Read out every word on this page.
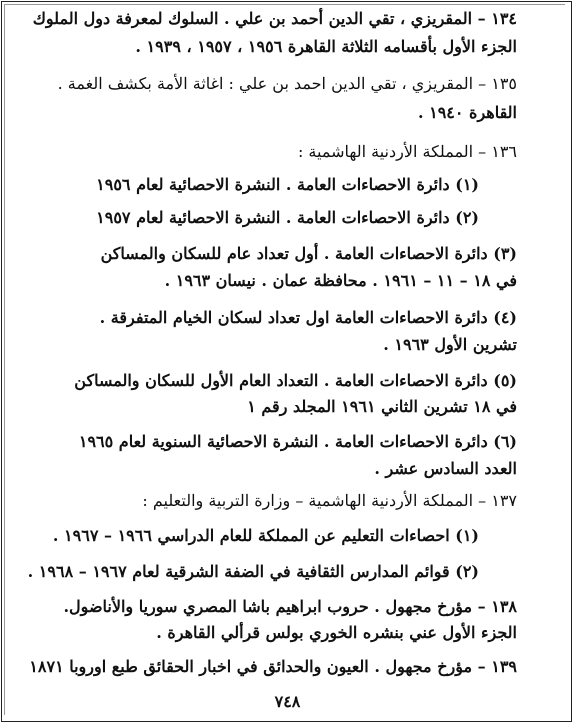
١٣٤ – المقريزي ، تقي الدين أحمد بن علي . السلوك لمعرفة دول الملوك
الجزء الأول بأقسامه الثلاثة القاهرة ١٩٥٦ ، ١٩٥٧ ، ١٩٣٩ .
١٣٥ – المقريزي ، تقي الدين احمد بن علي : اغاثة الأمة بكشف الغمة .
القاهرة ١٩٤٠ .
١٣٦ – المملكة الأردنية الهاشمية :
(١) دائرة الاحصاءات العامة . النشرة الاحصائية لعام ١٩٥٦
(٢) دائرة الاحصاءات العامة . النشرة الاحصائية لعام ١٩٥٧
(٣) دائرة الاحصاءات العامة . أول تعداد عام للسكان والمساكن
في ١٨ – ١١ – ١٩٦١ . محافظة عمان . نيسان ١٩٦٣ .
(٤) دائرة الاحصاءات العامة اول تعداد لسكان الخيام المتفرقة .
تشرين الأول ١٩٦٣ .
(٥) دائرة الاحصاءات العامة . التعداد العام الأول للسكان والمساكن
في ١٨ تشرين الثاني ١٩٦١ المجلد رقم ١
(٦) دائرة الاحصاءات العامة . النشرة الاحصائية السنوية لعام ١٩٦٥
العدد السادس عشر .
١٣٧ – المملكة الأردنية الهاشمية – وزارة التربية والتعليم :
(١) احصاءات التعليم عن المملكة للعام الدراسي ١٩٦٦ – ١٩٦٧ .
(٢) قوائم المدارس الثقافية في الضفة الشرقية لعام ١٩٦٧ – ١٩٦٨ .
١٣٨ – مؤرخ مجهول . حروب ابراهيم باشا المصري سوريا والأناضول.
الجزء الأول عني بنشره الخوري بولس قرألي القاهرة .
١٣٩ – مؤرخ مجهول . العيون والحدائق في اخبار الحقائق طبع اوروبا ١٨٧١
٧٤٨
